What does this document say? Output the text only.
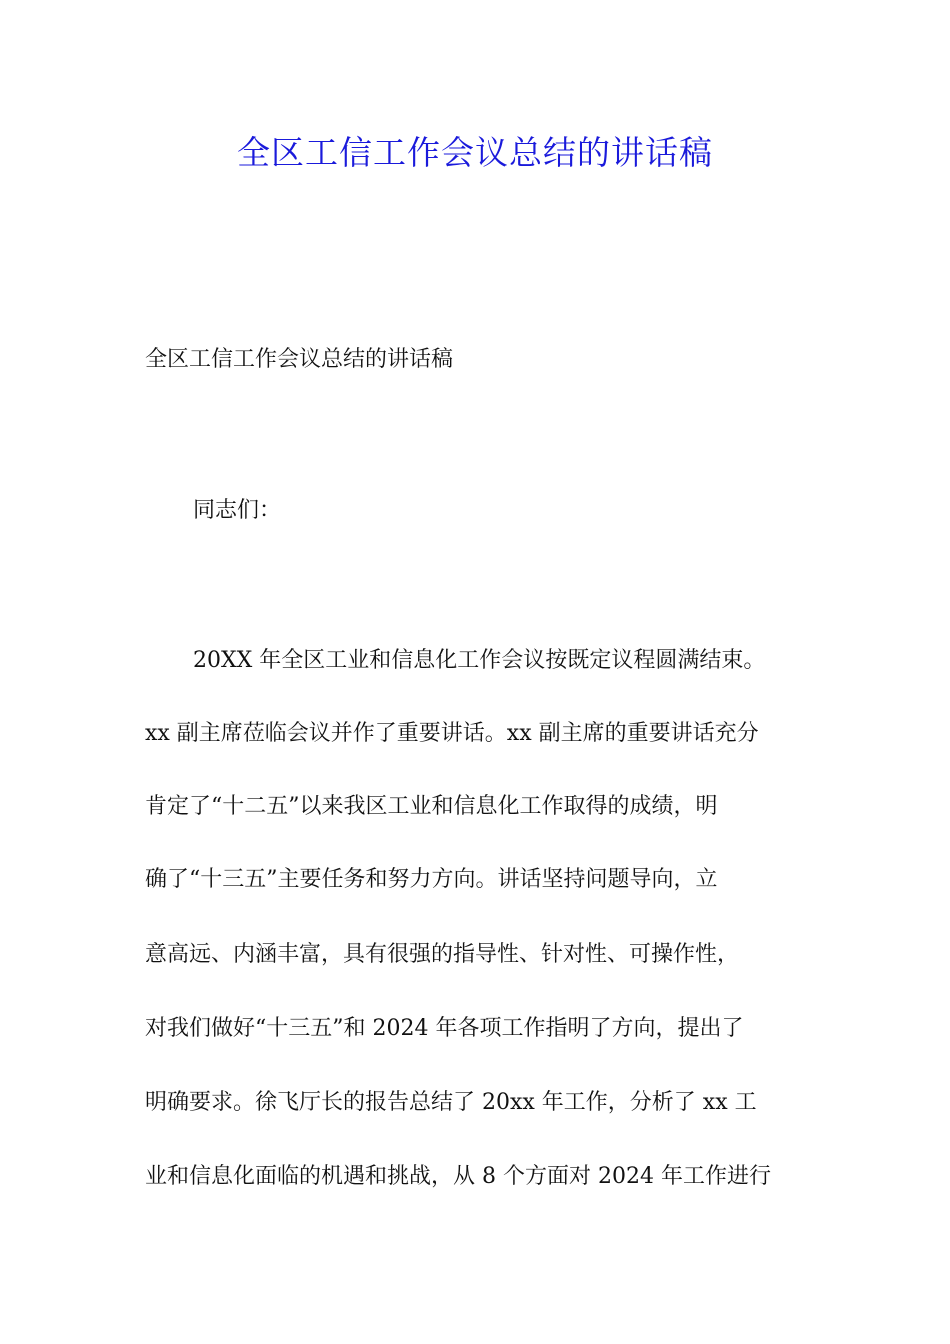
全区工信工作会议总结的讲话稿
全区工信工作会议总结的讲话稿
同志们：
20XX 年全区工业和信息化工作会议按既定议程圆满结束。
xx 副主席莅临会议并作了重要讲话。xx 副主席的重要讲话充分
肯定了“十二五”以来我区工业和信息化工作取得的成绩，明
确了“十三五”主要任务和努力方向。讲话坚持问题导向，立
意高远、内涵丰富，具有很强的指导性、针对性、可操作性，
对我们做好“十三五”和 2024 年各项工作指明了方向，提出了
明确要求。徐飞厅长的报告总结了 20xx 年工作，分析了 xx 工
业和信息化面临的机遇和挑战，从 8 个方面对 2024 年工作进行
